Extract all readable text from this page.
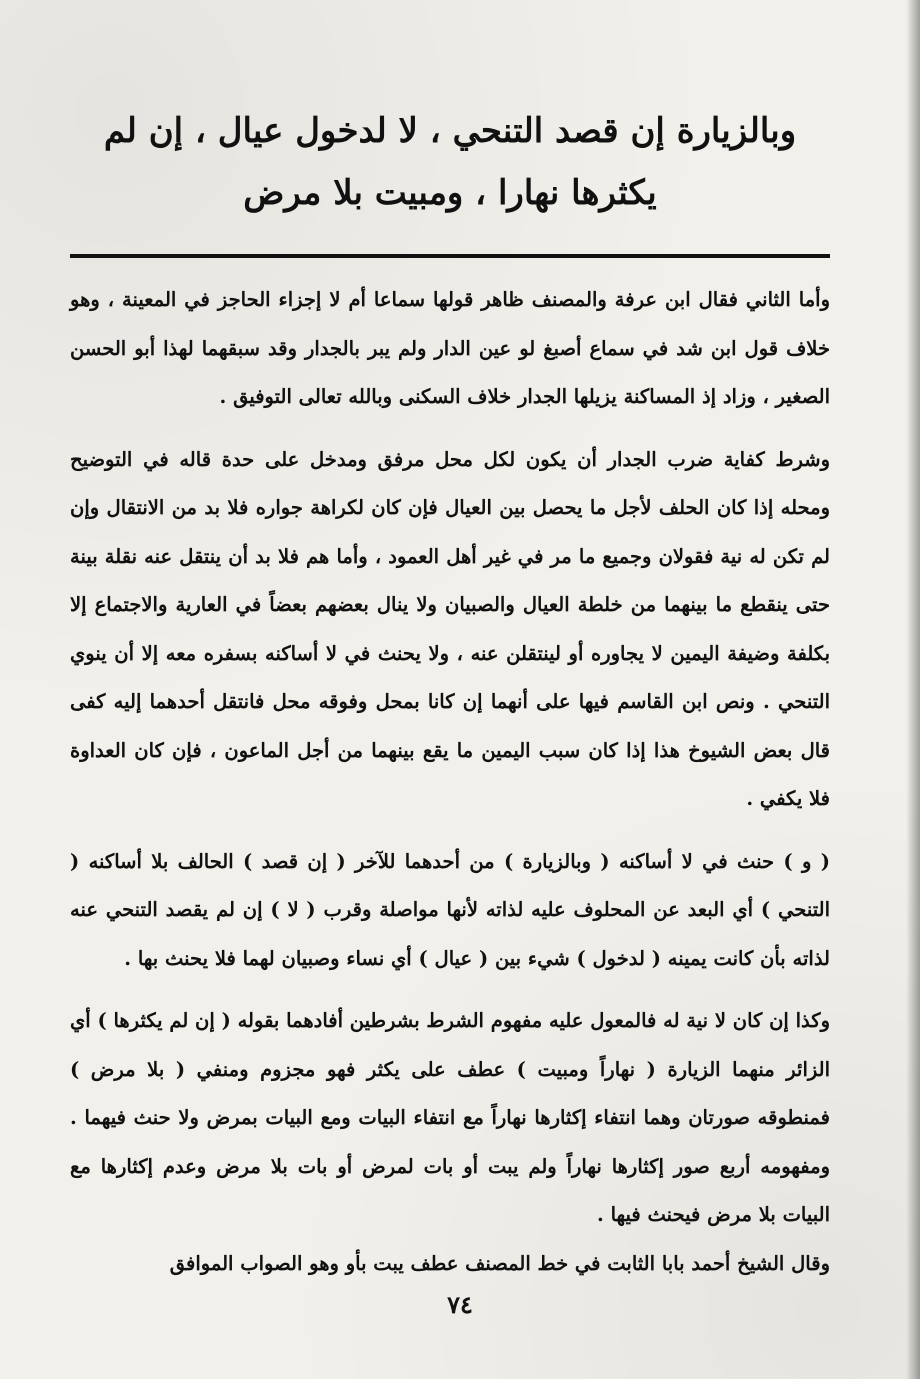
وبالزيارة إن قصد التنحي ، لا لدخول عيال ، إن لم يكثرها نهارا ، ومبيت بلا مرض

وأما الثاني فقال ابن عرفة والمصنف ظاهر قولها سماعا أم لا إجزاء الحاجز في المعينة ، وهو خلاف قول ابن شد في سماع أصبغ لو عين الدار ولم يبر بالجدار وقد سبقهما لهذا أبو الحسن الصغير ، وزاد إذ المساكنة يزيلها الجدار خلاف السكنى وبالله تعالى التوفيق .

وشرط كفاية ضرب الجدار أن يكون لكل محل مرفق ومدخل على حدة قاله في التوضيح ومحله إذا كان الحلف لأجل ما يحصل بين العيال فإن كان لكراهة جواره فلا بد من الانتقال وإن لم تكن له نية فقولان وجميع ما مر في غير أهل العمود ، وأما هم فلا بد أن ينتقل عنه نقلة بينة حتى ينقطع ما بينهما من خلطة العيال والصبيان ولا ينال بعضهم بعضاً في العارية والاجتماع إلا بكلفة وضيفة اليمين لا يجاوره أو لينتقلن عنه ، ولا يحنث في لا أساكنه بسفره معه إلا أن ينوي التنحي . ونص ابن القاسم فيها على أنهما إن كانا بمحل وفوقه محل فانتقل أحدهما إليه كفى قال بعض الشيوخ هذا إذا كان سبب اليمين ما يقع بينهما من أجل الماعون ، فإن كان العداوة فلا يكفي .

( و ) حنث في لا أساكنه ( وبالزيارة ) من أحدهما للآخر ( إن قصد ) الحالف بلا أساكنه ( التنحي ) أي البعد عن المحلوف عليه لذاته لأنها مواصلة وقرب ( لا ) إن لم يقصد التنحي عنه لذاته بأن كانت يمينه ( لدخول ) شيء بين ( عيال ) أي نساء وصبيان لهما فلا يحنث بها .

وكذا إن كان لا نية له فالمعول عليه مفهوم الشرط بشرطين أفادهما بقوله ( إن لم يكثرها ) أي الزائر منهما الزيارة ( نهاراً ومبيت ) عطف على يكثر فهو مجزوم ومنفي ( بلا مرض ) فمنطوقه صورتان وهما انتفاء إكثارها نهاراً مع انتفاء البيات ومع البيات بمرض ولا حنث فيهما . ومفهومه أربع صور إكثارها نهاراً ولم يبت أو بات لمرض أو بات بلا مرض وعدم إكثارها مع البيات بلا مرض فيحنث فيها .

وقال الشيخ أحمد بابا الثابت في خط المصنف عطف يبت بأو وهو الصواب الموافق

٧٤
